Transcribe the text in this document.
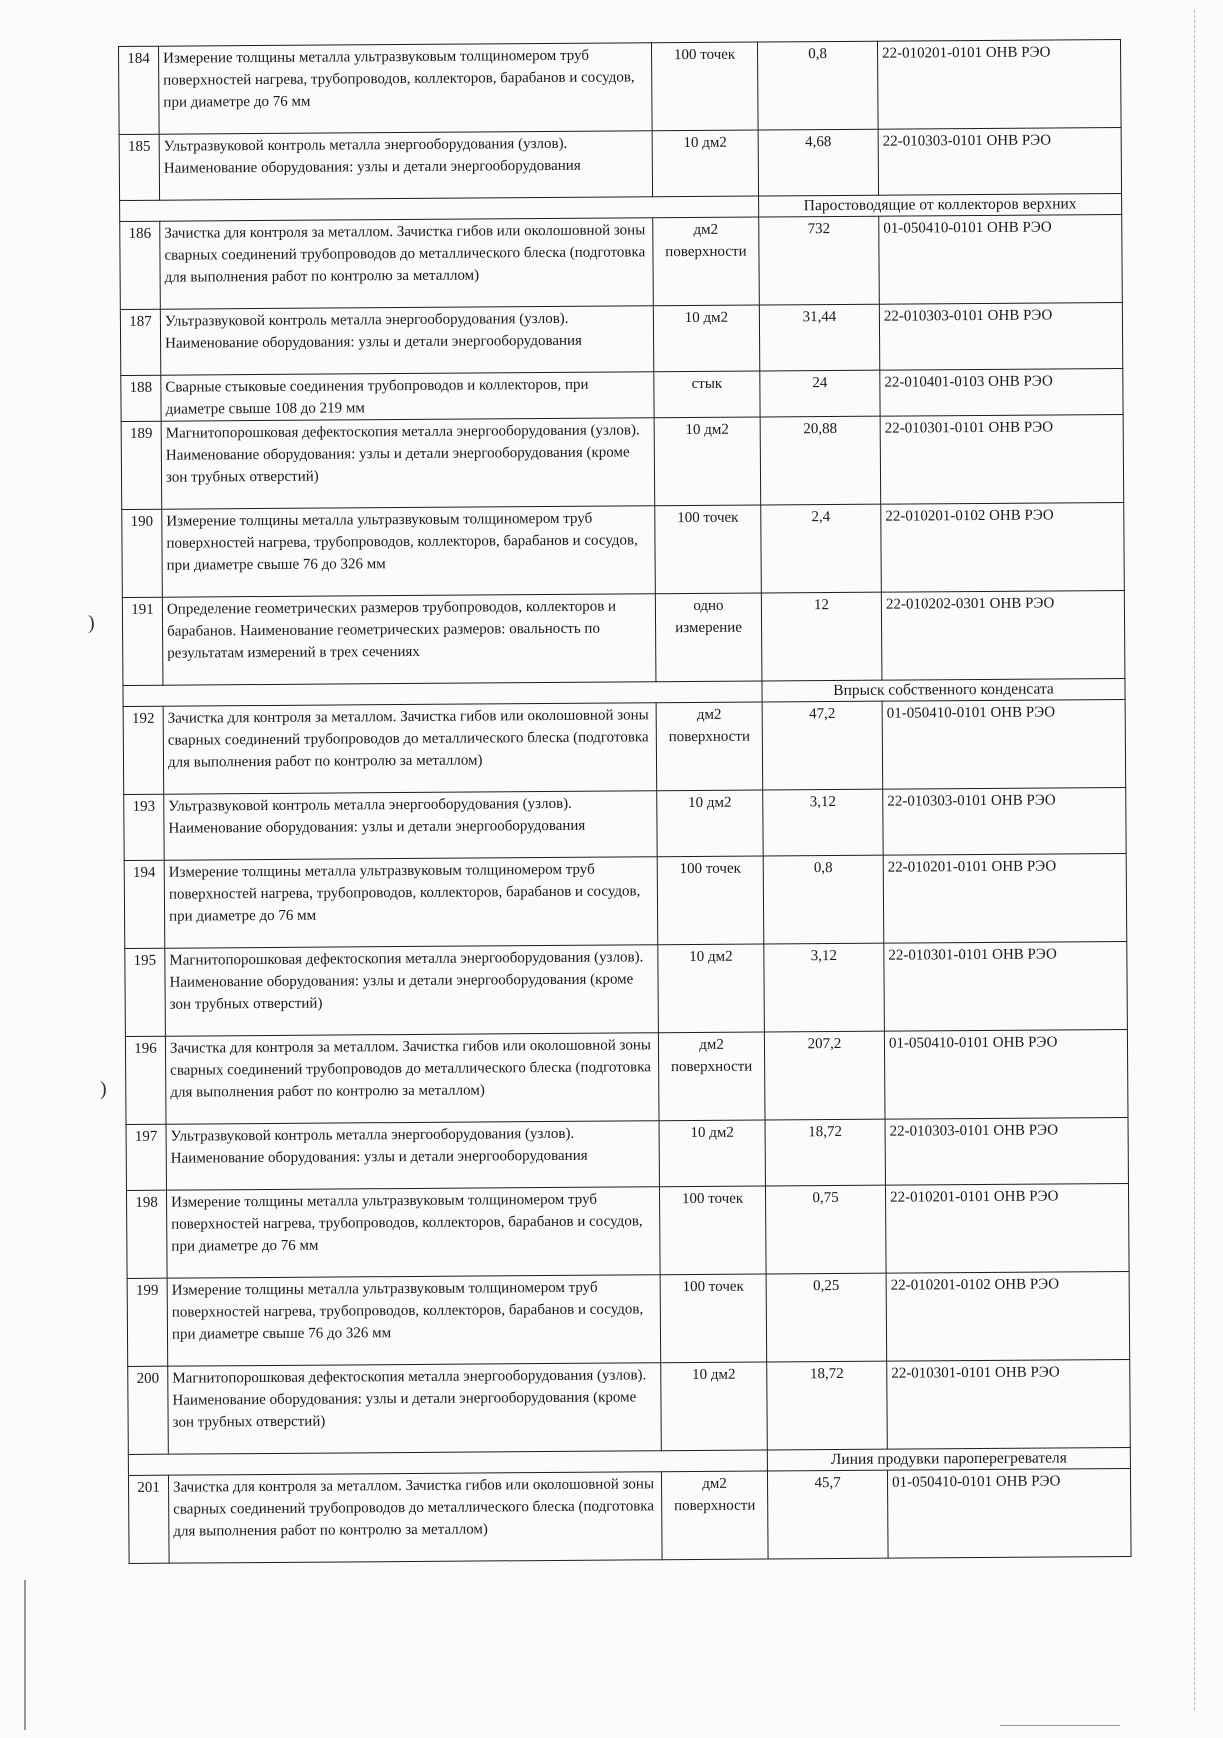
)
)
184	Измерение толщины металла ультразвуковым толщиномером труб поверхностей нагрева, трубопроводов, коллекторов, барабанов и сосудов, при диаметре до 76 мм	100 точек	0,8	22-010201-0101 ОНВ РЭО
185	Ультразвуковой контроль металла энергооборудования (узлов). Наименование оборудования: узлы и детали энергооборудования	10 дм2	4,68	22-010303-0101 ОНВ РЭО
			Паростоводящие от коллекторов верхних	
186	Зачистка для контроля за металлом. Зачистка гибов или околошовной зоны сварных соединений трубопроводов до металлического блеска (подготовка для выполнения работ по контролю за металлом)	дм2 поверхности	732	01-050410-0101 ОНВ РЭО
187	Ультразвуковой контроль металла энергооборудования (узлов). Наименование оборудования: узлы и детали энергооборудования	10 дм2	31,44	22-010303-0101 ОНВ РЭО
188	Сварные стыковые соединения трубопроводов и коллекторов, при диаметре свыше 108 до 219 мм	стык	24	22-010401-0103 ОНВ РЭО
189	Магнитопорошковая дефектоскопия металла энергооборудования (узлов). Наименование оборудования: узлы и детали энергооборудования (кроме зон трубных отверстий)	10 дм2	20,88	22-010301-0101 ОНВ РЭО
190	Измерение толщины металла ультразвуковым толщиномером труб поверхностей нагрева, трубопроводов, коллекторов, барабанов и сосудов, при диаметре свыше 76 до 326 мм	100 точек	2,4	22-010201-0102 ОНВ РЭО
191	Определение геометрических размеров трубопроводов, коллекторов и барабанов. Наименование геометрических размеров: овальность по результатам измерений в трех сечениях	одно измерение	12	22-010202-0301 ОНВ РЭО
			Впрыск собственного конденсата	
192	Зачистка для контроля за металлом. Зачистка гибов или околошовной зоны сварных соединений трубопроводов до металлического блеска (подготовка для выполнения работ по контролю за металлом)	дм2 поверхности	47,2	01-050410-0101 ОНВ РЭО
193	Ультразвуковой контроль металла энергооборудования (узлов). Наименование оборудования: узлы и детали энергооборудования	10 дм2	3,12	22-010303-0101 ОНВ РЭО
194	Измерение толщины металла ультразвуковым толщиномером труб поверхностей нагрева, трубопроводов, коллекторов, барабанов и сосудов, при диаметре до 76 мм	100 точек	0,8	22-010201-0101 ОНВ РЭО
195	Магнитопорошковая дефектоскопия металла энергооборудования (узлов). Наименование оборудования: узлы и детали энергооборудования (кроме зон трубных отверстий)	10 дм2	3,12	22-010301-0101 ОНВ РЭО
196	Зачистка для контроля за металлом. Зачистка гибов или околошовной зоны сварных соединений трубопроводов до металлического блеска (подготовка для выполнения работ по контролю за металлом)	дм2 поверхности	207,2	01-050410-0101 ОНВ РЭО
197	Ультразвуковой контроль металла энергооборудования (узлов). Наименование оборудования: узлы и детали энергооборудования	10 дм2	18,72	22-010303-0101 ОНВ РЭО
198	Измерение толщины металла ультразвуковым толщиномером труб поверхностей нагрева, трубопроводов, коллекторов, барабанов и сосудов, при диаметре до 76 мм	100 точек	0,75	22-010201-0101 ОНВ РЭО
199	Измерение толщины металла ультразвуковым толщиномером труб поверхностей нагрева, трубопроводов, коллекторов, барабанов и сосудов, при диаметре свыше 76 до 326 мм	100 точек	0,25	22-010201-0102 ОНВ РЭО
200	Магнитопорошковая дефектоскопия металла энергооборудования (узлов). Наименование оборудования: узлы и детали энергооборудования (кроме зон трубных отверстий)	10 дм2	18,72	22-010301-0101 ОНВ РЭО
			Линия продувки пароперегревателя	
201	Зачистка для контроля за металлом. Зачистка гибов или околошовной зоны сварных соединений трубопроводов до металлического блеска (подготовка для выполнения работ по контролю за металлом)	дм2 поверхности	45,7	01-050410-0101 ОНВ РЭО
